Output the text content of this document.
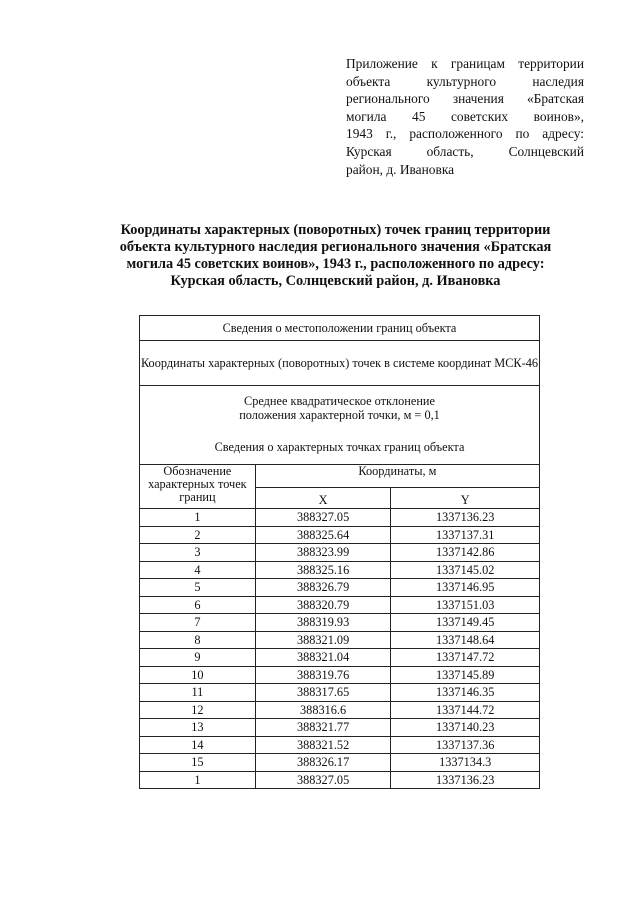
Приложение к границам территории
объекта культурного наследия
регионального значения «Братская
могила 45 советских воинов»,
1943 г., расположенного по адресу:
Курская область, Солнцевский
район, д. Ивановка
Координаты характерных (поворотных) точек границ территории объекта культурного наследия регионального значения «Братская могила 45 советских воинов», 1943 г., расположенного по адресу: Курская область, Солнцевский район, д. Ивановка
Сведения о местоположении границ объекта		
Координаты характерных (поворотных) точек в системе координат МСК-46		

Среднее квадратическое отклонение
положения характерной точки, м = 0,1
Сведения о характерных точках границ объекта		

Обозначение характерных точек границ	Координаты, м	
	X	Y
1	388327.05	1337136.23
2	388325.64	1337137.31
3	388323.99	1337142.86
4	388325.16	1337145.02
5	388326.79	1337146.95
6	388320.79	1337151.03
7	388319.93	1337149.45
8	388321.09	1337148.64
9	388321.04	1337147.72
10	388319.76	1337145.89
11	388317.65	1337146.35
12	388316.6	1337144.72
13	388321.77	1337140.23
14	388321.52	1337137.36
15	388326.17	1337134.3
1	388327.05	1337136.23
